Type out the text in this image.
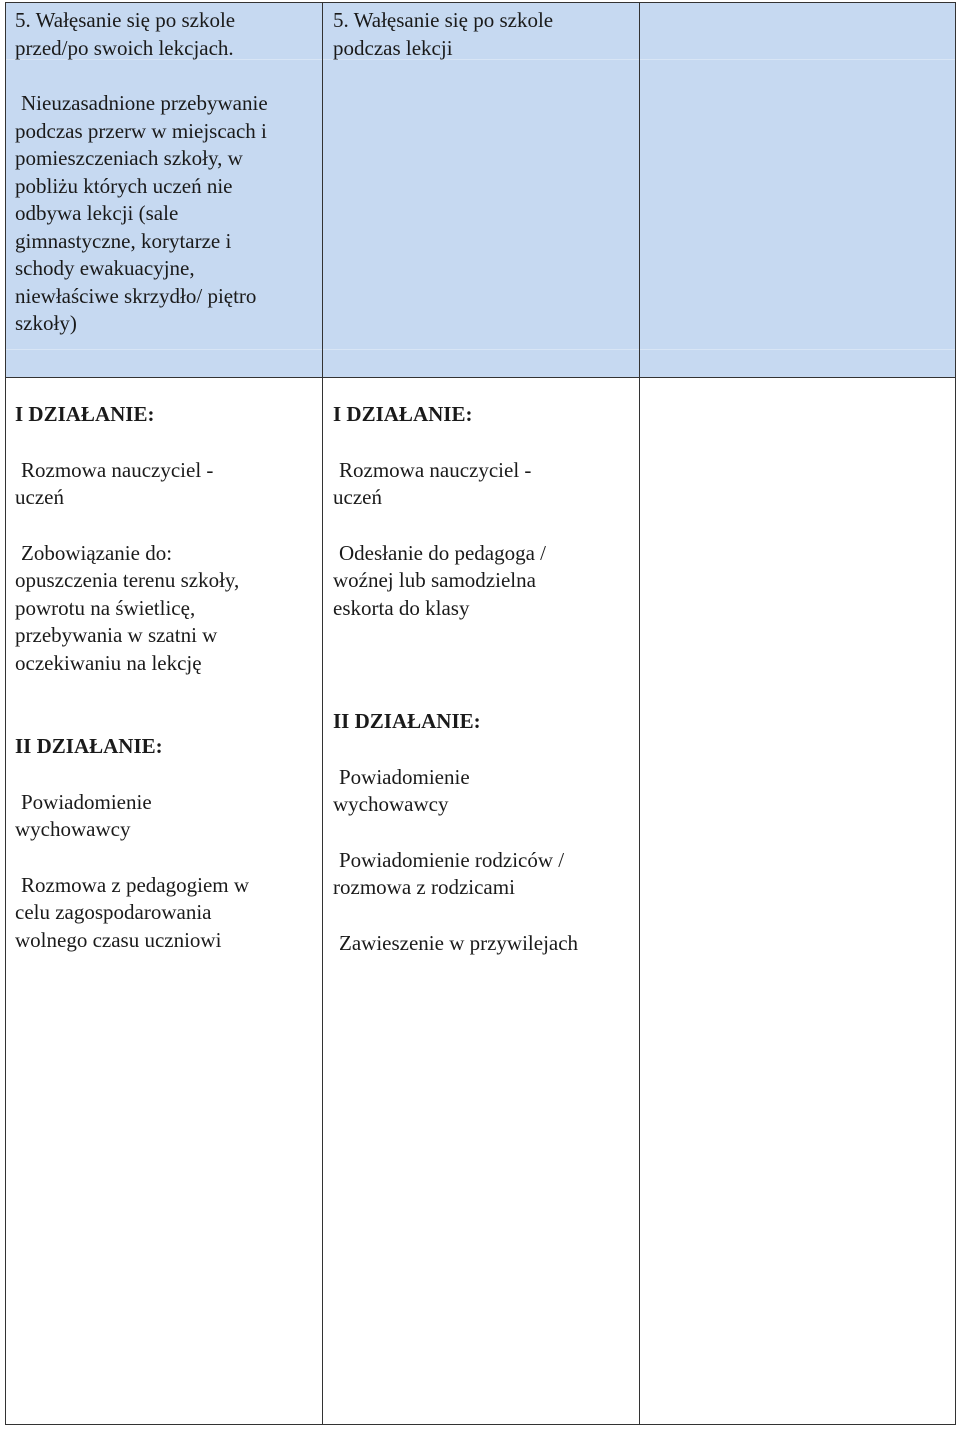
5. Wałęsanie się po szkole

przed/po swoich lekcjach.

Nieuzasadnione przebywanie

podczas przerw w miejscach i

pomieszczeniach szkoły, w

pobliżu których uczeń nie

odbywa lekcji (sale

gimnastyczne, korytarze i

schody ewakuacyjne,

niewłaściwe skrzydło/ piętro

szkoły)

5. Wałęsanie się po szkole

podczas lekcji

I DZIAŁANIE:

Rozmowa nauczyciel -

uczeń

Zobowiązanie do:

opuszczenia terenu szkoły,

powrotu na świetlicę,

przebywania w szatni w

oczekiwaniu na lekcję

II DZIAŁANIE:

Powiadomienie

wychowawcy

Rozmowa z pedagogiem w

celu zagospodarowania

wolnego czasu uczniowi

I DZIAŁANIE:

Rozmowa nauczyciel -

uczeń

Odesłanie do pedagoga /

woźnej lub samodzielna

eskorta do klasy

II DZIAŁANIE:

Powiadomienie

wychowawcy

Powiadomienie rodziców /

rozmowa z rodzicami

Zawieszenie w przywilejach
